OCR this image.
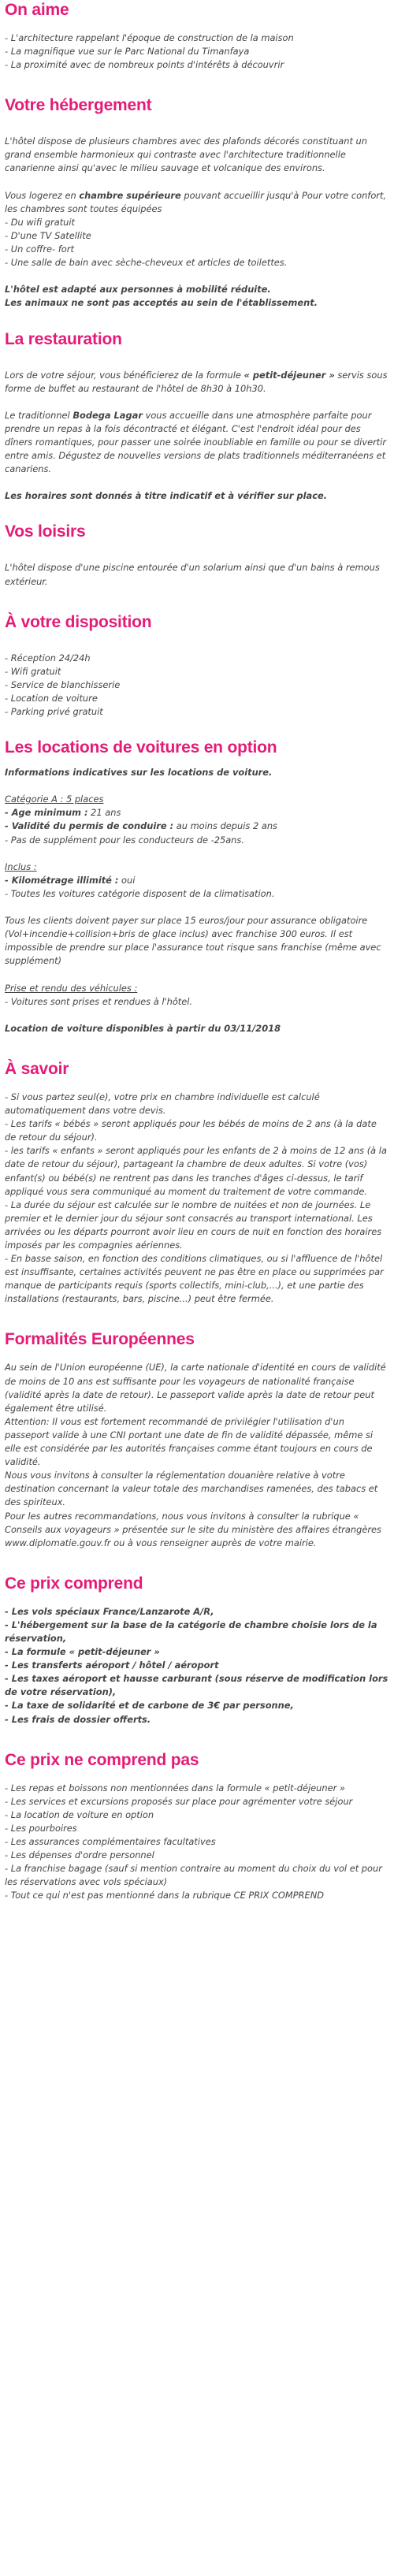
On aime
- L'architecture rappelant l'époque de construction de la maison
- La magnifique vue sur le Parc National du Timanfaya
- La proximité avec de nombreux points d'intérêts à découvrir
Votre hébergement

L'hôtel dispose de plusieurs chambres avec des plafonds décorés constituant un grand ensemble harmonieux qui contraste avec l'architecture traditionnelle canarienne ainsi qu'avec le milieu sauvage et volcanique des environs.

Vous logerez en chambre supérieure pouvant accueillir jusqu'à Pour votre confort, les chambres sont toutes équipées

- Du wifi gratuit
- D'une TV Satellite
- Un coffre- fort
- Une salle de bain avec sèche-cheveux et articles de toilettes.
L'hôtel est adapté aux personnes à mobilité réduite.
Les animaux ne sont pas acceptés au sein de l'établissement.
La restauration

Lors de votre séjour, vous bénéficierez de la formule « petit-déjeuner » servis sous forme de buffet au restaurant de l'hôtel de 8h30 à 10h30.

Le traditionnel Bodega Lagar vous accueille dans une atmosphère parfaite pour prendre un repas à la fois décontracté et élégant. C'est l'endroit idéal pour des dîners romantiques, pour passer une soirée inoubliable en famille ou pour se divertir entre amis. Dégustez de nouvelles versions de plats traditionnels méditerranéens et canariens.

Les horaires sont donnés à titre indicatif et à vérifier sur place.
Vos loisirs

L'hôtel dispose d'une piscine entourée d'un solarium ainsi que d'un bains à remous extérieur.

À votre disposition
- Réception 24/24h
- Wifi gratuit
- Service de blanchisserie
- Location de voiture
- Parking privé gratuit
Les locations de voitures en option
Informations indicatives sur les locations de voiture.
Catégorie A : 5 places
- Age minimum : 21 ans
- Validité du permis de conduire : au moins depuis 2 ans
- Pas de supplément pour les conducteurs de -25ans.
Inclus :
- Kilométrage illimité : oui
- Toutes les voitures catégorie disposent de la climatisation.

Tous les clients doivent payer sur place 15 euros/jour pour assurance obligatoire (Vol+incendie+collision+bris de glace inclus) avec franchise 300 euros. Il est impossible de prendre sur place l'assurance tout risque sans franchise (même avec supplément)

Prise et rendu des véhicules :
- Voitures sont prises et rendues à l'hôtel.
Location de voiture disponibles à partir du 03/11/2018
À savoir

- Si vous partez seul(e), votre prix en chambre individuelle est calculé automatiquement dans votre devis.

- Les tarifs « bébés » seront appliqués pour les bébés de moins de 2 ans (à la date de retour du séjour).

- les tarifs « enfants » seront appliqués pour les enfants de 2 à moins de 12 ans (à la date de retour du séjour), partageant la chambre de deux adultes. Si votre (vos) enfant(s) ou bébé(s) ne rentrent pas dans les tranches d'âges ci-dessus, le tarif appliqué vous sera communiqué au moment du traitement de votre commande.

- La durée du séjour est calculée sur le nombre de nuitées et non de journées. Le premier et le dernier jour du séjour sont consacrés au transport international. Les arrivées ou les départs pourront avoir lieu en cours de nuit en fonction des horaires imposés par les compagnies aériennes.

- En basse saison, en fonction des conditions climatiques, ou si l'affluence de l'hôtel est insuffisante, certaines activités peuvent ne pas être en place ou supprimées par manque de participants requis (sports collectifs, mini-club,...), et une partie des installations (restaurants, bars, piscine...) peut être fermée.

Formalités Européennes

Au sein de l'Union européenne (UE), la carte nationale d'identité en cours de validité de moins de 10 ans est suffisante pour les voyageurs de nationalité française (validité après la date de retour). Le passeport valide après la date de retour peut également être utilisé.

Attention: Il vous est fortement recommandé de privilégier l'utilisation d'un passeport valide à une CNI portant une date de fin de validité dépassée, même si elle est considérée par les autorités françaises comme étant toujours en cours de validité.

Nous vous invitons à consulter la réglementation douanière relative à votre destination concernant la valeur totale des marchandises ramenées, des tabacs et des spiriteux.

Pour les autres recommandations, nous vous invitons à consulter la rubrique « Conseils aux voyageurs » présentée sur le site du ministère des affaires étrangères www.diplomatie.gouv.fr ou à vous renseigner auprès de votre mairie.

Ce prix comprend

- Les vols spéciaux France/Lanzarote A/R,

- L'hébergement sur la base de la catégorie de chambre choisie lors de la réservation,

- La formule « petit-déjeuner »

- Les transferts aéroport / hôtel / aéroport

- Les taxes aéroport et hausse carburant (sous réserve de modification lors de votre réservation),

- La taxe de solidarité et de carbone de 3€ par personne,

- Les frais de dossier offerts.

Ce prix ne comprend pas

- Les repas et boissons non mentionnées dans la formule « petit-déjeuner »

- Les services et excursions proposés sur place pour agrémenter votre séjour

- La location de voiture en option

- Les pourboires

- Les assurances complémentaires facultatives

- Les dépenses d'ordre personnel

- La franchise bagage (sauf si mention contraire au moment du choix du vol et pour les réservations avec vols spéciaux)

- Tout ce qui n'est pas mentionné dans la rubrique CE PRIX COMPREND
